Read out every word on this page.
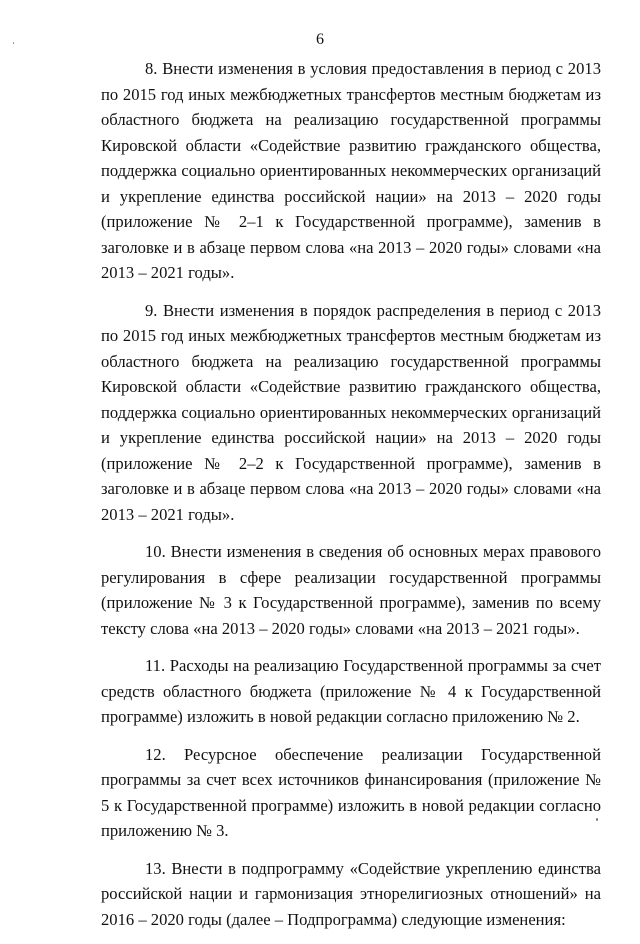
6

8. Внести изменения в условия предоставления в период с 2013 по 2015 год иных межбюджетных трансфертов местным бюджетам из областного бюджета на реализацию государственной программы Кировской области «Содействие развитию гражданского общества, поддержка социально ориентированных некоммерческих организаций и укрепление единства российской нации» на 2013 – 2020 годы (приложение № 2–1 к Государственной программе), заменив в заголовке и в абзаце первом слова «на 2013 – 2020 годы» словами «на 2013 – 2021 годы».

9. Внести изменения в порядок распределения в период с 2013 по 2015 год иных межбюджетных трансфертов местным бюджетам из областного бюджета на реализацию государственной программы Кировской области «Содействие развитию гражданского общества, поддержка социально ориентированных некоммерческих организаций и укрепление единства российской нации» на 2013 – 2020 годы (приложение № 2–2 к Государственной программе), заменив в заголовке и в абзаце первом слова «на 2013 – 2020 годы» словами «на 2013 – 2021 годы».

10. Внести изменения в сведения об основных мерах правового регулирования в сфере реализации государственной программы (приложение № 3 к Государственной программе), заменив по всему тексту слова «на 2013 – 2020 годы» словами «на 2013 – 2021 годы».

11. Расходы на реализацию Государственной программы за счет средств областного бюджета (приложение № 4 к Государственной программе) изложить в новой редакции согласно приложению № 2.

12. Ресурсное обеспечение реализации Государственной программы за счет всех источников финансирования (приложение № 5 к Государственной программе) изложить в новой редакции согласно приложению № 3.

13. Внести в подпрограмму «Содействие укреплению единства российской нации и гармонизация этнорелигиозных отношений» на 2016 – 2020 годы (далее – Подпрограмма) следующие изменения:
